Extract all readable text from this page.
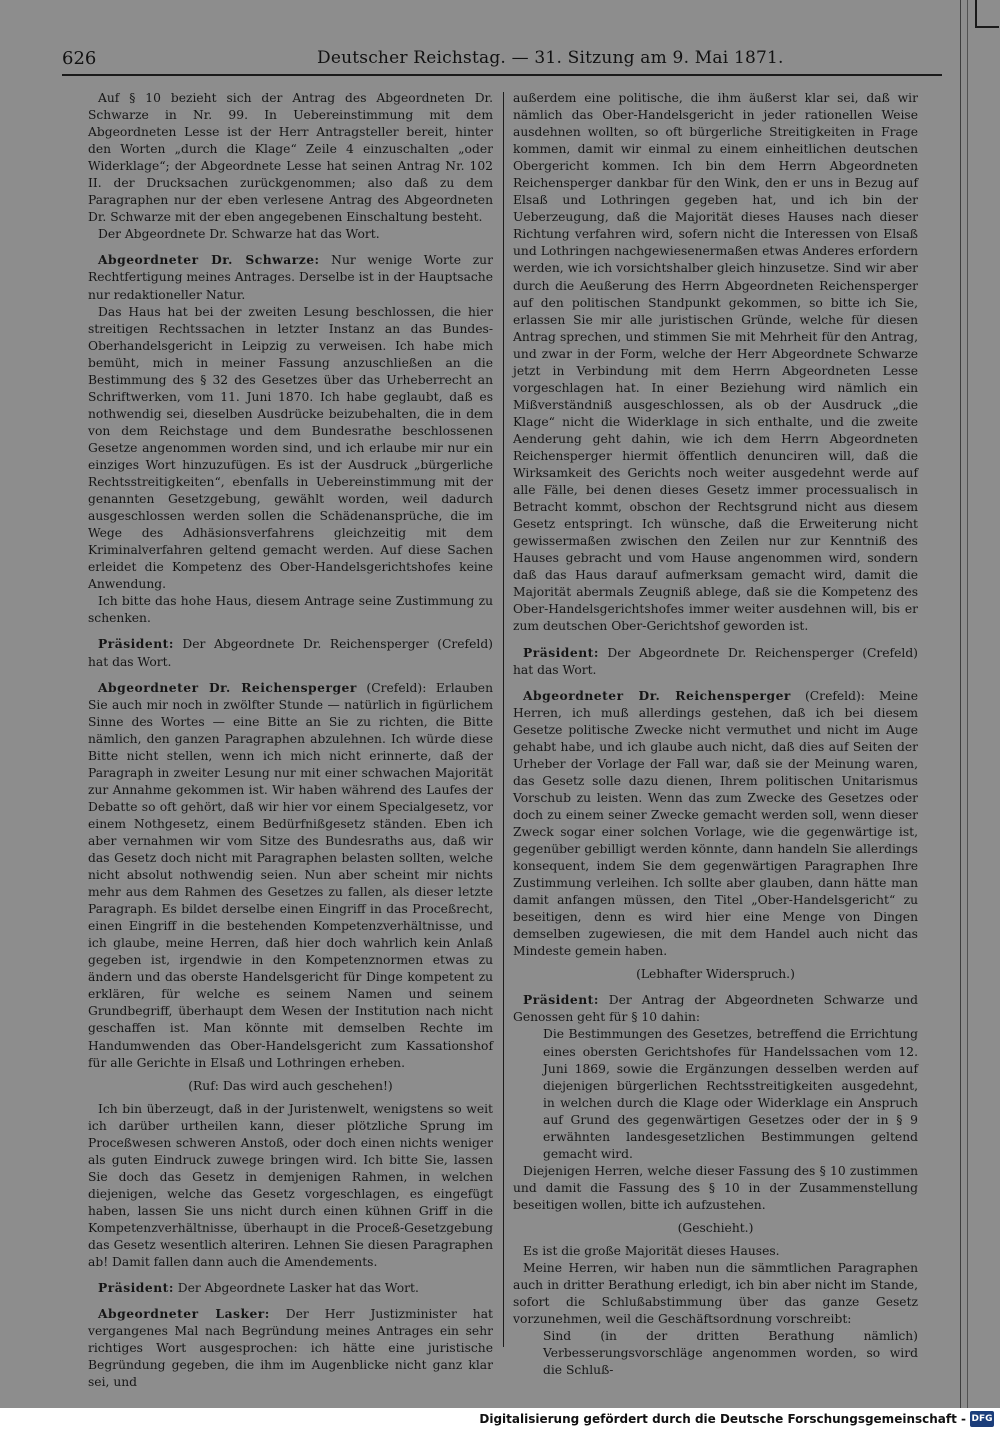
626	Deutscher Reichstag. — 31. Sitzung am 9. Mai 1871.

Auf § 10 bezieht sich der Antrag des Abgeordneten Dr. Schwarze in Nr. 99. In Uebereinstimmung mit dem Abgeordneten Lesse ist der Herr Antragsteller bereit, hinter den Worten „durch die Klage“ Zeile 4 einzuschalten „oder Widerklage“; der Abgeordnete Lesse hat seinen Antrag Nr. 102 II. der Drucksachen zurückgenommen; also daß zu dem Paragraphen nur der eben verlesene Antrag des Abgeordneten Dr. Schwarze mit der eben angegebenen Einschaltung besteht.

Der Abgeordnete Dr. Schwarze hat das Wort.

Abgeordneter Dr. Schwarze: Nur wenige Worte zur Rechtfertigung meines Antrages. Derselbe ist in der Hauptsache nur redaktioneller Natur.

Das Haus hat bei der zweiten Lesung beschlossen, die hier streitigen Rechtssachen in letzter Instanz an das Bundes-Oberhandelsgericht in Leipzig zu verweisen. Ich habe mich bemüht, mich in meiner Fassung anzuschließen an die Bestimmung des § 32 des Gesetzes über das Urheberrecht an Schriftwerken, vom 11. Juni 1870. Ich habe geglaubt, daß es nothwendig sei, dieselben Ausdrücke beizubehalten, die in dem von dem Reichstage und dem Bundesrathe beschlossenen Gesetze angenommen worden sind, und ich erlaube mir nur ein einziges Wort hinzuzufügen. Es ist der Ausdruck „bürgerliche Rechtsstreitigkeiten“, ebenfalls in Uebereinstimmung mit der genannten Gesetzgebung, gewählt worden, weil dadurch ausgeschlossen werden sollen die Schädenansprüche, die im Wege des Adhäsionsverfahrens gleichzeitig mit dem Kriminalverfahren geltend gemacht werden. Auf diese Sachen erleidet die Kompetenz des Ober-Handelsgerichtshofes keine Anwendung.

Ich bitte das hohe Haus, diesem Antrage seine Zustimmung zu schenken.

Präsident: Der Abgeordnete Dr. Reichensperger (Crefeld) hat das Wort.

Abgeordneter Dr. Reichensperger (Crefeld): Erlauben Sie auch mir noch in zwölfter Stunde — natürlich in figürlichem Sinne des Wortes — eine Bitte an Sie zu richten, die Bitte nämlich, den ganzen Paragraphen abzulehnen. Ich würde diese Bitte nicht stellen, wenn ich mich nicht erinnerte, daß der Paragraph in zweiter Lesung nur mit einer schwachen Majorität zur Annahme gekommen ist. Wir haben während des Laufes der Debatte so oft gehört, daß wir hier vor einem Specialgesetz, vor einem Nothgesetz, einem Bedürfnißgesetz ständen. Eben ich aber vernahmen wir vom Sitze des Bundesraths aus, daß wir das Gesetz doch nicht mit Paragraphen belasten sollten, welche nicht absolut nothwendig seien. Nun aber scheint mir nichts mehr aus dem Rahmen des Gesetzes zu fallen, als dieser letzte Paragraph. Es bildet derselbe einen Eingriff in das Proceßrecht, einen Eingriff in die bestehenden Kompetenzverhältnisse, und ich glaube, meine Herren, daß hier doch wahrlich kein Anlaß gegeben ist, irgendwie in den Kompetenznormen etwas zu ändern und das oberste Handelsgericht für Dinge kompetent zu erklären, für welche es seinem Namen und seinem Grundbegriff, überhaupt dem Wesen der Institution nach nicht geschaffen ist. Man könnte mit demselben Rechte im Handumwenden das Ober-Handelsgericht zum Kassationshof für alle Gerichte in Elsaß und Lothringen erheben.

(Ruf: Das wird auch geschehen!)

Ich bin überzeugt, daß in der Juristenwelt, wenigstens so weit ich darüber urtheilen kann, dieser plötzliche Sprung im Proceßwesen schweren Anstoß, oder doch einen nichts weniger als guten Eindruck zuwege bringen wird. Ich bitte Sie, lassen Sie doch das Gesetz in demjenigen Rahmen, in welchen diejenigen, welche das Gesetz vorgeschlagen, es eingefügt haben, lassen Sie uns nicht durch einen kühnen Griff in die Kompetenzverhältnisse, überhaupt in die Proceß-Gesetzgebung das Gesetz wesentlich alteriren. Lehnen Sie diesen Paragraphen ab! Damit fallen dann auch die Amendements.

Präsident: Der Abgeordnete Lasker hat das Wort.

Abgeordneter Lasker: Der Herr Justizminister hat vergangenes Mal nach Begründung meines Antrages ein sehr richtiges Wort ausgesprochen: ich hätte eine juristische Begründung gegeben, die ihm im Augenblicke nicht ganz klar sei, und

außerdem eine politische, die ihm äußerst klar sei, daß wir nämlich das Ober-Handelsgericht in jeder rationellen Weise ausdehnen wollten, so oft bürgerliche Streitigkeiten in Frage kommen, damit wir einmal zu einem einheitlichen deutschen Obergericht kommen. Ich bin dem Herrn Abgeordneten Reichensperger dankbar für den Wink, den er uns in Bezug auf Elsaß und Lothringen gegeben hat, und ich bin der Ueberzeugung, daß die Majorität dieses Hauses nach dieser Richtung verfahren wird, sofern nicht die Interessen von Elsaß und Lothringen nachgewiesenermaßen etwas Anderes erfordern werden, wie ich vorsichtshalber gleich hinzusetze. Sind wir aber durch die Aeußerung des Herrn Abgeordneten Reichensperger auf den politischen Standpunkt gekommen, so bitte ich Sie, erlassen Sie mir alle juristischen Gründe, welche für diesen Antrag sprechen, und stimmen Sie mit Mehrheit für den Antrag, und zwar in der Form, welche der Herr Abgeordnete Schwarze jetzt in Verbindung mit dem Herrn Abgeordneten Lesse vorgeschlagen hat. In einer Beziehung wird nämlich ein Mißverständniß ausgeschlossen, als ob der Ausdruck „die Klage“ nicht die Widerklage in sich enthalte, und die zweite Aenderung geht dahin, wie ich dem Herrn Abgeordneten Reichensperger hiermit öffentlich denunciren will, daß die Wirksamkeit des Gerichts noch weiter ausgedehnt werde auf alle Fälle, bei denen dieses Gesetz immer processualisch in Betracht kommt, obschon der Rechtsgrund nicht aus diesem Gesetz entspringt. Ich wünsche, daß die Erweiterung nicht gewissermaßen zwischen den Zeilen nur zur Kenntniß des Hauses gebracht und vom Hause angenommen wird, sondern daß das Haus darauf aufmerksam gemacht wird, damit die Majorität abermals Zeugniß ablege, daß sie die Kompetenz des Ober-Handelsgerichtshofes immer weiter ausdehnen will, bis er zum deutschen Ober-Gerichtshof geworden ist.

Präsident: Der Abgeordnete Dr. Reichensperger (Crefeld) hat das Wort.

Abgeordneter Dr. Reichensperger (Crefeld): Meine Herren, ich muß allerdings gestehen, daß ich bei diesem Gesetze politische Zwecke nicht vermuthet und nicht im Auge gehabt habe, und ich glaube auch nicht, daß dies auf Seiten der Urheber der Vorlage der Fall war, daß sie der Meinung waren, das Gesetz solle dazu dienen, Ihrem politischen Unitarismus Vorschub zu leisten. Wenn das zum Zwecke des Gesetzes oder doch zu einem seiner Zwecke gemacht werden soll, wenn dieser Zweck sogar einer solchen Vorlage, wie die gegenwärtige ist, gegenüber gebilligt werden könnte, dann handeln Sie allerdings konsequent, indem Sie dem gegenwärtigen Paragraphen Ihre Zustimmung verleihen. Ich sollte aber glauben, dann hätte man damit anfangen müssen, den Titel „Ober-Handelsgericht“ zu beseitigen, denn es wird hier eine Menge von Dingen demselben zugewiesen, die mit dem Handel auch nicht das Mindeste gemein haben.

(Lebhafter Widerspruch.)

Präsident: Der Antrag der Abgeordneten Schwarze und Genossen geht für § 10 dahin:

Die Bestimmungen des Gesetzes, betreffend die Errichtung eines obersten Gerichtshofes für Handelssachen vom 12. Juni 1869, sowie die Ergänzungen desselben werden auf diejenigen bürgerlichen Rechtsstreitigkeiten ausgedehnt, in welchen durch die Klage oder Widerklage ein Anspruch auf Grund des gegenwärtigen Gesetzes oder der in § 9 erwähnten landesgesetzlichen Bestimmungen geltend gemacht wird.

Diejenigen Herren, welche dieser Fassung des § 10 zustimmen und damit die Fassung des § 10 in der Zusammenstellung beseitigen wollen, bitte ich aufzustehen.

(Geschieht.)

Es ist die große Majorität dieses Hauses.

Meine Herren, wir haben nun die sämmtlichen Paragraphen auch in dritter Berathung erledigt, ich bin aber nicht im Stande, sofort die Schlußabstimmung über das ganze Gesetz vorzunehmen, weil die Geschäftsordnung vorschreibt:

Sind (in der dritten Berathung nämlich) Verbesserungsvorschläge angenommen worden, so wird die Schluß-

Digitalisierung gefördert durch die Deutsche Forschungsgemeinschaft - DFG
